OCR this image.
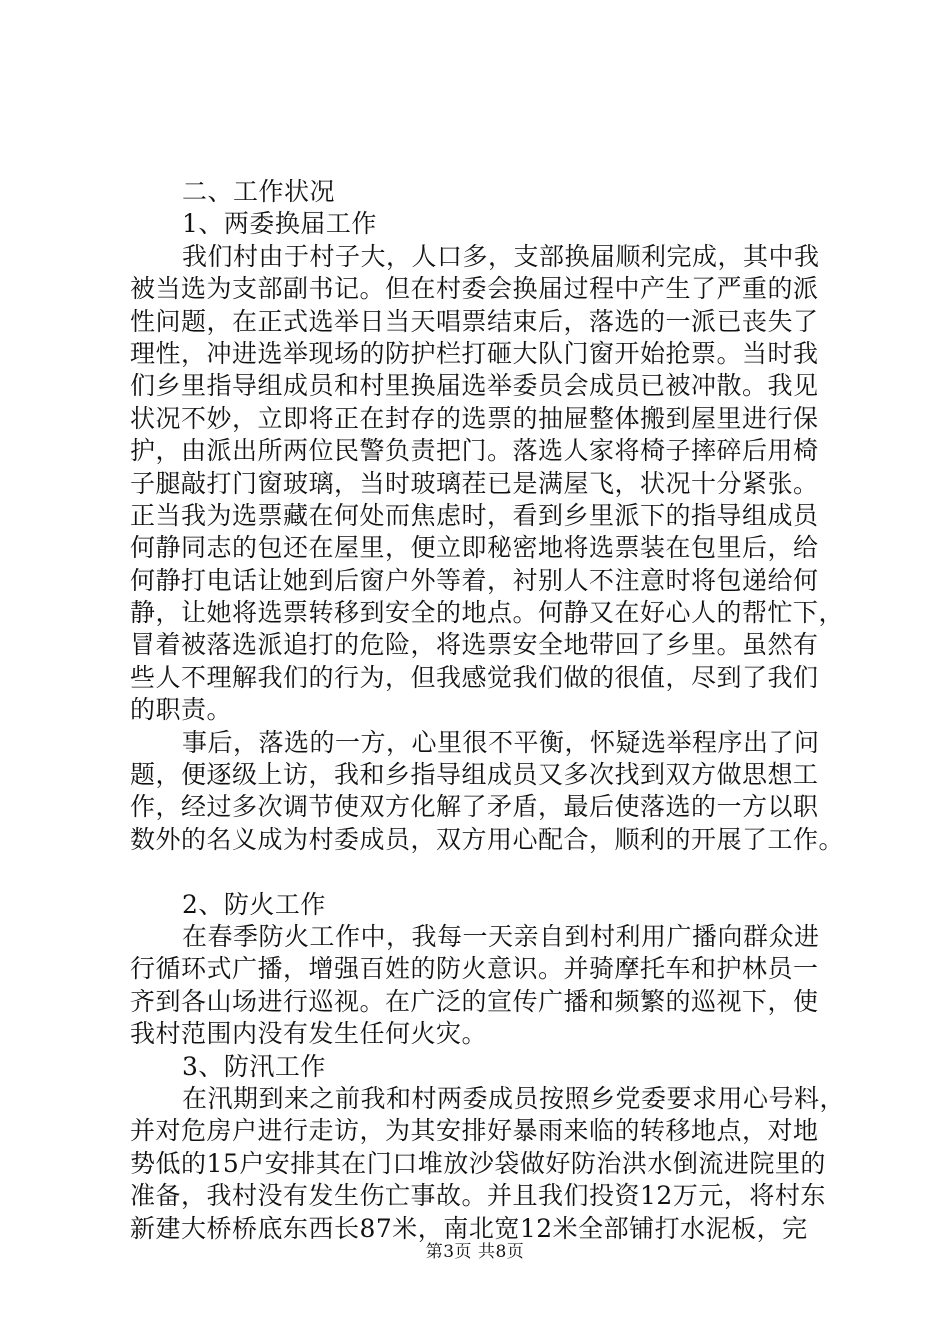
二、工作状况
1、两委换届工作
我们村由于村子大，人口多，支部换届顺利完成，其中我
被当选为支部副书记。但在村委会换届过程中产生了严重的派
性问题，在正式选举日当天唱票结束后，落选的一派已丧失了
理性，冲进选举现场的防护栏打砸大队门窗开始抢票。当时我
们乡里指导组成员和村里换届选举委员会成员已被冲散。我见
状况不妙，立即将正在封存的选票的抽屉整体搬到屋里进行保
护，由派出所两位民警负责把门。落选人家将椅子摔碎后用椅
子腿敲打门窗玻璃，当时玻璃茬已是满屋飞，状况十分紧张。
正当我为选票藏在何处而焦虑时，看到乡里派下的指导组成员
何静同志的包还在屋里，便立即秘密地将选票装在包里后，给
何静打电话让她到后窗户外等着，衬别人不注意时将包递给何
静，让她将选票转移到安全的地点。何静又在好心人的帮忙下，
冒着被落选派追打的危险，将选票安全地带回了乡里。虽然有
些人不理解我们的行为，但我感觉我们做的很值，尽到了我们
的职责。
事后，落选的一方，心里很不平衡，怀疑选举程序出了问
题，便逐级上访，我和乡指导组成员又多次找到双方做思想工
作，经过多次调节使双方化解了矛盾，最后使落选的一方以职
数外的名义成为村委成员，双方用心配合，顺利的开展了工作。
2、防火工作
在春季防火工作中，我每一天亲自到村利用广播向群众进
行循环式广播，增强百姓的防火意识。并骑摩托车和护林员一
齐到各山场进行巡视。在广泛的宣传广播和频繁的巡视下，使
我村范围内没有发生任何火灾。
3、防汛工作
在汛期到来之前我和村两委成员按照乡党委要求用心号料，
并对危房户进行走访，为其安排好暴雨来临的转移地点，对地
势低的15户安排其在门口堆放沙袋做好防治洪水倒流进院里的
准备，我村没有发生伤亡事故。并且我们投资12万元，将村东
新建大桥桥底东西长87米，南北宽12米全部铺打水泥板，完
第3页 共8页
